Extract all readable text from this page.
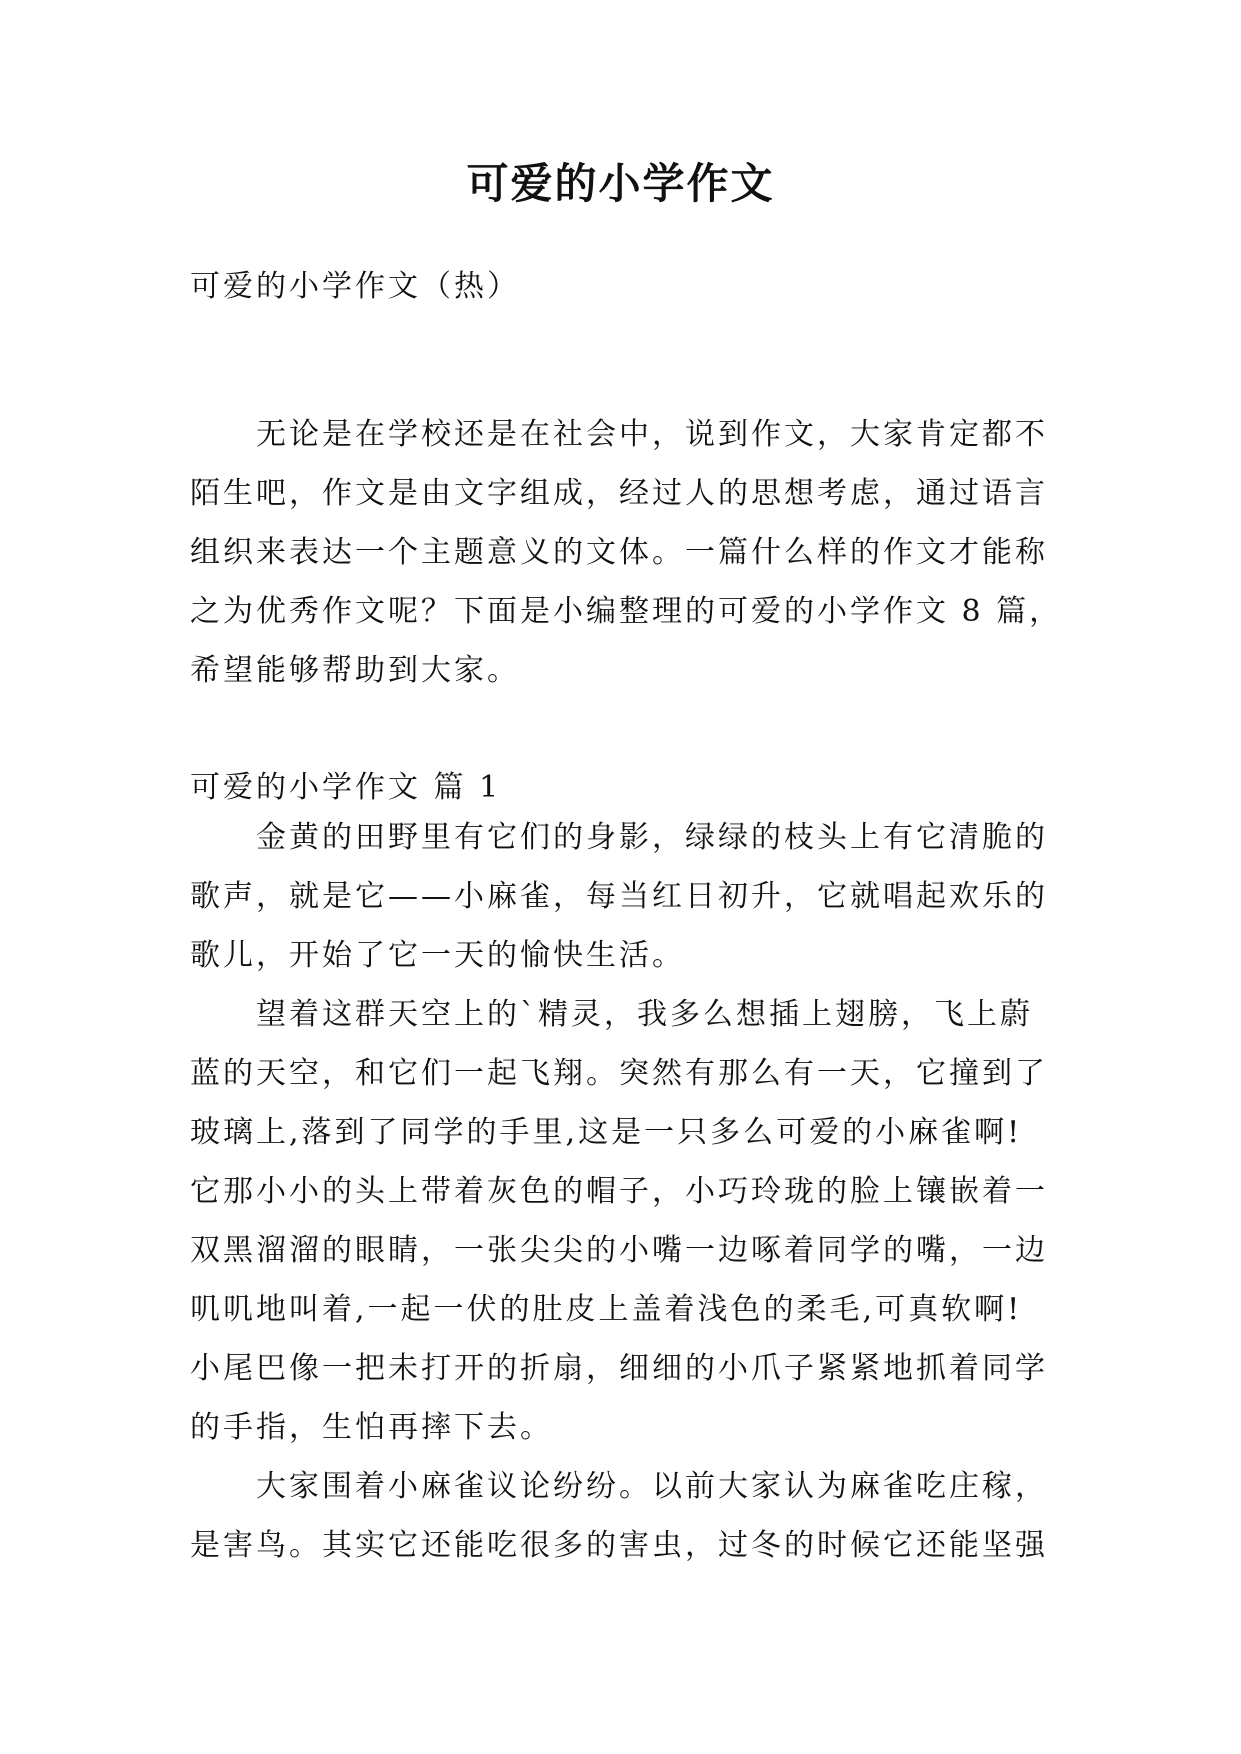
可爱的小学作文
可爱的小学作文（热）
无论是在学校还是在社会中，说到作文，大家肯定都不
陌生吧，作文是由文字组成，经过人的思想考虑，通过语言
组织来表达一个主题意义的文体。一篇什么样的作文才能称
之为优秀作文呢？下面是小编整理的可爱的小学作文 8 篇，
希望能够帮助到大家。
可爱的小学作文 篇 1
金黄的田野里有它们的身影，绿绿的枝头上有它清脆的
歌声，就是它——小麻雀，每当红日初升，它就唱起欢乐的
歌儿，开始了它一天的愉快生活。
望着这群天空上的`精灵，我多么想插上翅膀，飞上蔚
蓝的天空，和它们一起飞翔。突然有那么有一天，它撞到了
玻璃上,落到了同学的手里,这是一只多么可爱的小麻雀啊!
它那小小的头上带着灰色的帽子，小巧玲珑的脸上镶嵌着一
双黑溜溜的眼睛，一张尖尖的小嘴一边啄着同学的嘴，一边
叽叽地叫着,一起一伏的肚皮上盖着浅色的柔毛,可真软啊!
小尾巴像一把未打开的折扇，细细的小爪子紧紧地抓着同学
的手指，生怕再摔下去。
大家围着小麻雀议论纷纷。以前大家认为麻雀吃庄稼，
是害鸟。其实它还能吃很多的害虫，过冬的时候它还能坚强
